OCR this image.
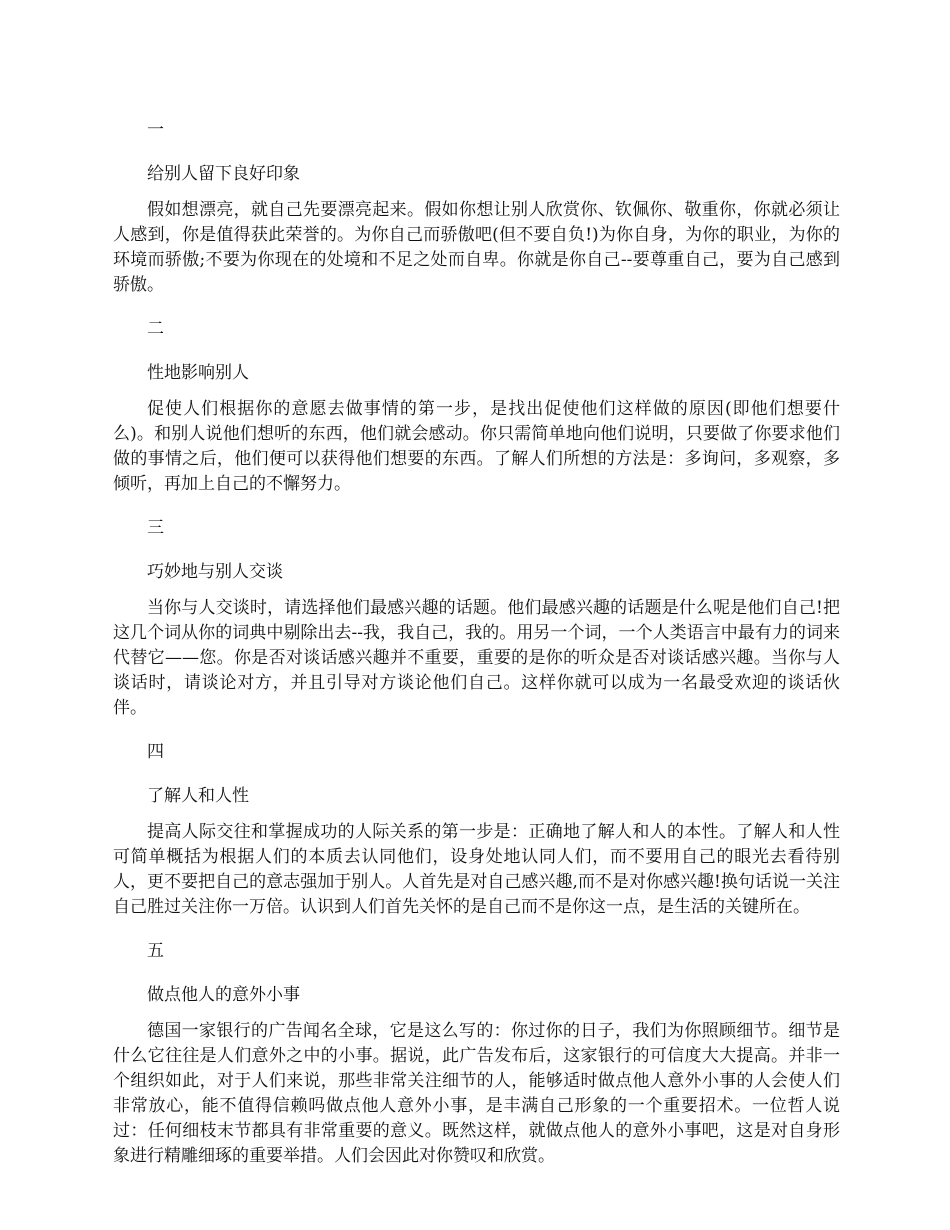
一
给别人留下良好印象

假如想漂亮，就自己先要漂亮起来。假如你想让别人欣赏你、钦佩你、敬重你，你就必须让人感到，你是值得获此荣誉的。为你自己而骄傲吧(但不要自负!)为你自身，为你的职业，为你的环境而骄傲;不要为你现在的处境和不足之处而自卑。你就是你自己--要尊重自己，要为自己感到骄傲。

二
性地影响别人

促使人们根据你的意愿去做事情的第一步，是找出促使他们这样做的原因(即他们想要什么)。和别人说他们想听的东西，他们就会感动。你只需简单地向他们说明，只要做了你要求他们做的事情之后，他们便可以获得他们想要的东西。了解人们所想的方法是：多询问，多观察，多倾听，再加上自己的不懈努力。

三
巧妙地与别人交谈

当你与人交谈时，请选择他们最感兴趣的话题。他们最感兴趣的话题是什么呢是他们自己!把这几个词从你的词典中剔除出去--我，我自己，我的。用另一个词，一个人类语言中最有力的词来代替它——您。你是否对谈话感兴趣并不重要，重要的是你的听众是否对谈话感兴趣。当你与人谈话时，请谈论对方，并且引导对方谈论他们自己。这样你就可以成为一名最受欢迎的谈话伙伴。

四
了解人和人性

提高人际交往和掌握成功的人际关系的第一步是：正确地了解人和人的本性。了解人和人性可简单概括为根据人们的本质去认同他们，设身处地认同人们，而不要用自己的眼光去看待别人，更不要把自己的意志强加于别人。人首先是对自己感兴趣,而不是对你感兴趣!换句话说一关注自己胜过关注你一万倍。认识到人们首先关怀的是自己而不是你这一点，是生活的关键所在。

五
做点他人的意外小事

德国一家银行的广告闻名全球，它是这么写的：你过你的日子，我们为你照顾细节。细节是什么它往往是人们意外之中的小事。据说，此广告发布后，这家银行的可信度大大提高。并非一个组织如此，对于人们来说，那些非常关注细节的人，能够适时做点他人意外小事的人会使人们非常放心，能不值得信赖吗做点他人意外小事，是丰满自己形象的一个重要招术。一位哲人说过：任何细枝末节都具有非常重要的意义。既然这样，就做点他人的意外小事吧，这是对自身形象进行精雕细琢的重要举措。人们会因此对你赞叹和欣赏。
